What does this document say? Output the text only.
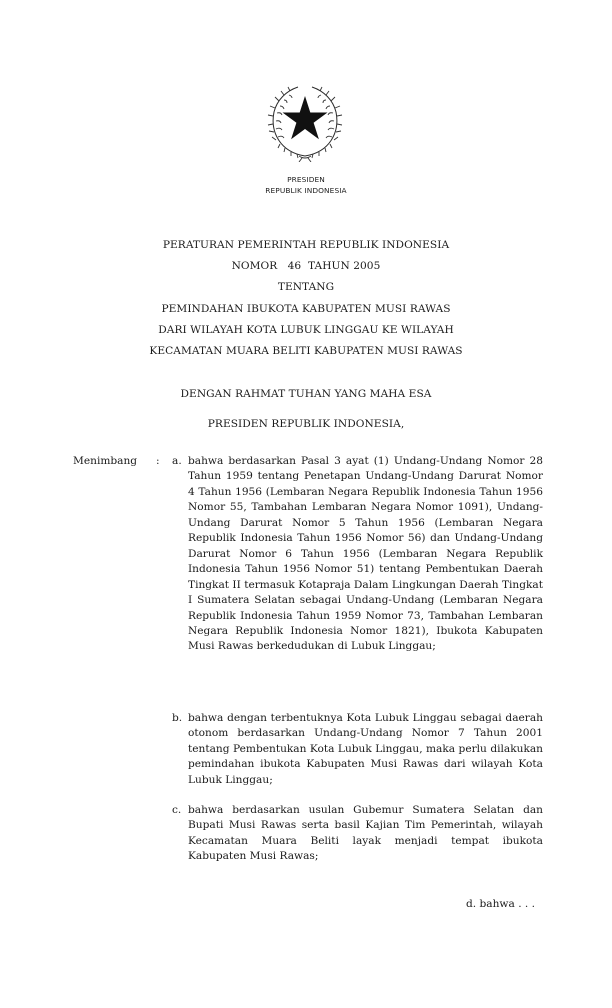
PRESIDEN
REPUBLIK INDONESIA
PERATURAN PEMERINTAH REPUBLIK INDONESIA
NOMOR   46  TAHUN 2005
TENTANG
PEMINDAHAN IBUKOTA KABUPATEN MUSI RAWAS
DARI WILAYAH KOTA LUBUK LINGGAU KE WILAYAH
KECAMATAN MUARA BELITI KABUPATEN MUSI RAWAS
DENGAN RAHMAT TUHAN YANG MAHA ESA
PRESIDEN REPUBLIK INDONESIA,
Menimbang : a. bahwa berdasarkan Pasal 3 ayat (1) Undang-Undang Nomor 28 Tahun 1959 tentang Penetapan Undang-Undang Darurat Nomor 4 Tahun 1956 (Lembaran Negara Republik Indonesia Tahun 1956 Nomor 55, Tambahan Lembaran Negara Nomor 1091), Undang-Undang Darurat Nomor 5 Tahun 1956 (Lembaran Negara Republik Indonesia Tahun 1956 Nomor 56) dan Undang-Undang Darurat Nomor 6 Tahun 1956 (Lembaran Negara Republik Indonesia Tahun 1956 Nomor 51) tentang Pembentukan Daerah Tingkat II termasuk Kotapraja Dalam Lingkungan Daerah Tingkat I Sumatera Selatan sebagai Undang-Undang (Lembaran Negara Republik Indonesia Tahun 1959 Nomor 73, Tambahan Lembaran Negara Republik Indonesia Nomor 1821), Ibukota Kabupaten Musi Rawas berkedudukan di Lubuk Linggau;
b. bahwa dengan terbentuknya Kota Lubuk Linggau sebagai daerah otonom berdasarkan Undang-Undang Nomor 7 Tahun 2001 tentang Pembentukan Kota Lubuk Linggau, maka perlu dilakukan pemindahan ibukota Kabupaten Musi Rawas dari wilayah Kota Lubuk Linggau;
c. bahwa berdasarkan usulan Gubemur Sumatera Selatan dan Bupati Musi Rawas serta basil Kajian Tim Pemerintah, wilayah Kecamatan Muara Beliti layak menjadi tempat ibukota Kabupaten Musi Rawas;
d. bahwa . . .
